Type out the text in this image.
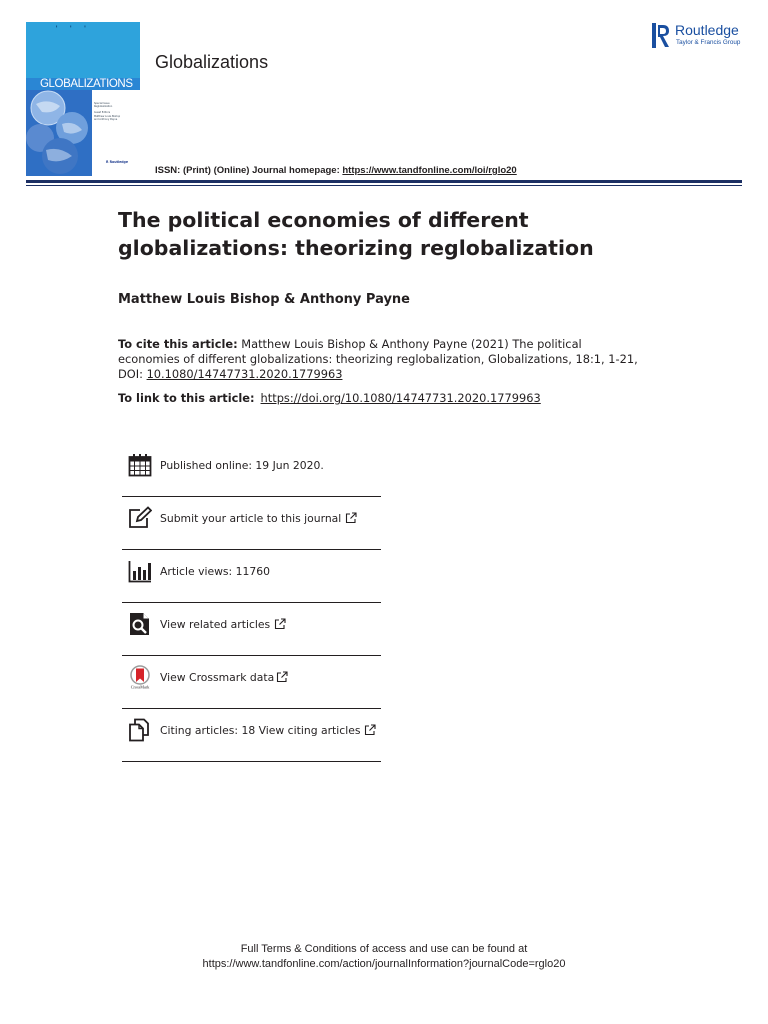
▮ ▮ ▮
GLOBALIZATIONS
Special Issue
Reglobalization
Guest Editors
Matthew Louis Bishop
and Anthony Payne
R Routledge
Globalizations
ISSN: (Print) (Online) Journal homepage: https://www.tandfonline.com/loi/rglo20
Routledge
Taylor & Francis Group
The political economies of different globalizations: theorizing reglobalization
Matthew Louis Bishop & Anthony Payne
To cite this article: Matthew Louis Bishop & Anthony Payne (2021) The political economies of different globalizations: theorizing reglobalization, Globalizations, 18:1, 1-21, DOI: 10.1080/14747731.2020.1779963
To link to this article: https://doi.org/10.1080/14747731.2020.1779963
Published online: 19 Jun 2020.
Submit your article to this journal
Article views: 11760
View related articles
CrossMark
View Crossmark data
Citing articles: 18 View citing articles
Full Terms & Conditions of access and use can be found at
https://www.tandfonline.com/action/journalInformation?journalCode=rglo20
